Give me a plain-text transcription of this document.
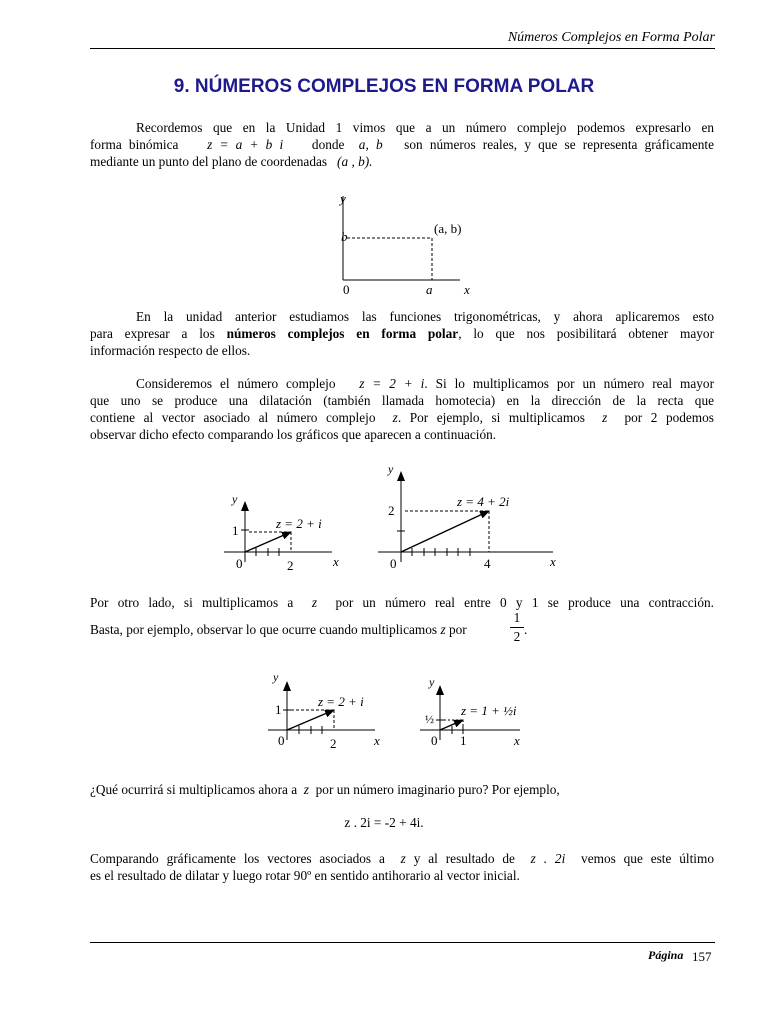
Números Complejos en Forma Polar
9. NÚMEROS COMPLEJOS EN FORMA POLAR
Recordemos que en la Unidad 1 vimos que a un número complejo podemos expresarlo en
forma binómica z = a + b i donde a, b son números reales, y que se representa gráficamente
mediante un punto del plano de coordenadas (a , b).
y
b
(a, b)
0	a x
En la unidad anterior estudiamos las funciones trigonométricas, y ahora aplicaremos esto
para expresar a los números complejos en forma polar, lo que nos posibilitará obtener mayor
información respecto de ellos.
Consideremos el número complejo z = 2 + i. Si lo multiplicamos por un número real mayor
que uno se produce una dilatación (también llamada homotecia) en la dirección de la recta que
contiene al vector asociado al número complejo z. Por ejemplo, si multiplicamos z por 2 podemos
observar dicho efecto comparando los gráficos que aparecen a continuación.
y
1
0	2	x
z = 2 + i
y
2
0	4	x
z = 4 + 2i
Por otro lado, si multiplicamos a z por un número real entre 0 y 1 se produce una contracción.
Basta, por ejemplo, observar lo que ocurre cuando multiplicamos z por
1
2 .
y
1
0	2	x
z = 2 + i
y
½
0 1	x
z = 1 + ½i
¿Qué ocurrirá si multiplicamos ahora a z por un número imaginario puro? Por ejemplo,
z . 2i = -2 + 4i.
Comparando gráficamente los vectores asociados a z y al resultado de z . 2i vemos que este último
es el resultado de dilatar y luego rotar 90º en sentido antihorario al vector inicial.
Página 157
